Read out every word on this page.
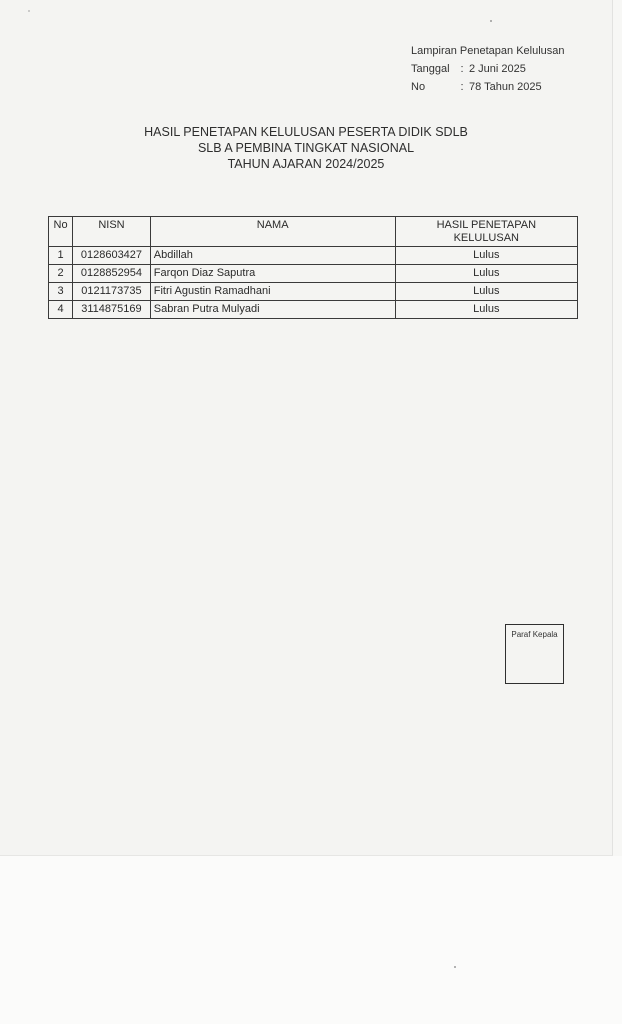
Lampiran Penetapan Kelulusan
Tanggal : 2 Juni 2025
No	: 78 Tahun 2025
HASIL PENETAPAN KELULUSAN PESERTA DIDIK SDLB
SLB A PEMBINA TINGKAT NASIONAL
TAHUN AJARAN 2024/2025
No	NISN	NAMA	HASIL PENETAPAN
KELULUSAN

1	0128603427	Abdillah	Lulus
2	0128852954	Farqon Diaz Saputra	Lulus
3	0121173735	Fitri Agustin Ramadhani	Lulus
4	3114875169	Sabran Putra Mulyadi	Lulus
Paraf Kepala
